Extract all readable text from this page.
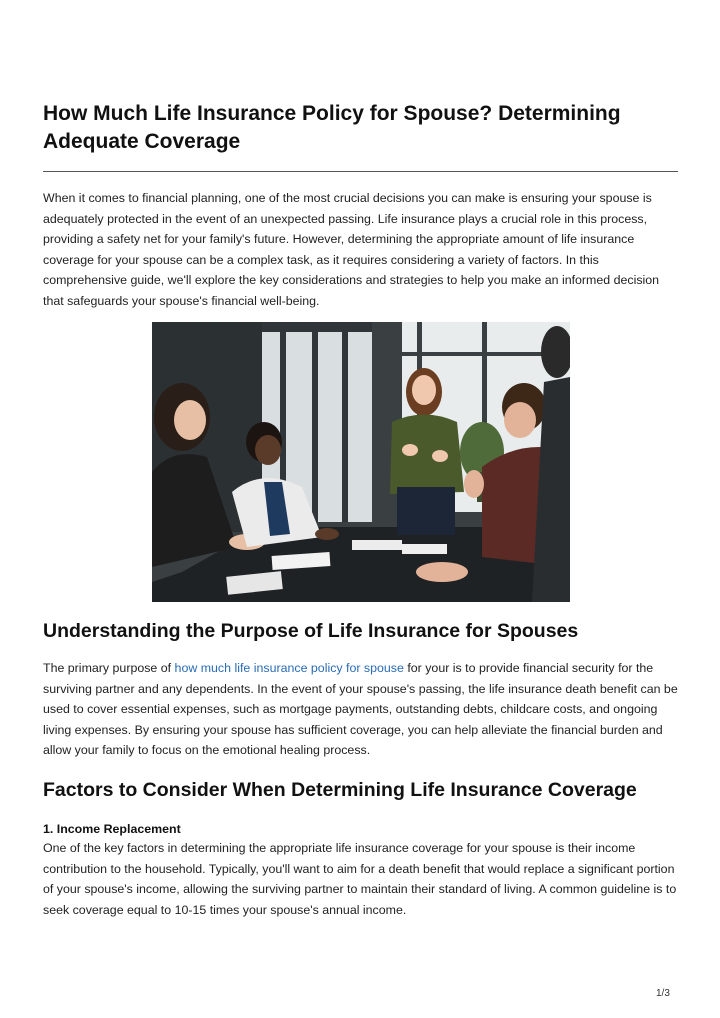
How Much Life Insurance Policy for Spouse? Determining Adequate Coverage

When it comes to financial planning, one of the most crucial decisions you can make is ensuring your spouse is adequately protected in the event of an unexpected passing. Life insurance plays a crucial role in this process, providing a safety net for your family's future. However, determining the appropriate amount of life insurance coverage for your spouse can be a complex task, as it requires considering a variety of factors. In this comprehensive guide, we'll explore the key considerations and strategies to help you make an informed decision that safeguards your spouse's financial well-being.

Understanding the Purpose of Life Insurance for Spouses

The primary purpose of how much life insurance policy for spouse for your is to provide financial security for the surviving partner and any dependents. In the event of your spouse's passing, the life insurance death benefit can be used to cover essential expenses, such as mortgage payments, outstanding debts, childcare costs, and ongoing living expenses. By ensuring your spouse has sufficient coverage, you can help alleviate the financial burden and allow your family to focus on the emotional healing process.

Factors to Consider When Determining Life Insurance Coverage
1. Income Replacement

One of the key factors in determining the appropriate life insurance coverage for your spouse is their income contribution to the household. Typically, you'll want to aim for a death benefit that would replace a significant portion of your spouse's income, allowing the surviving partner to maintain their standard of living. A common guideline is to seek coverage equal to 10-15 times your spouse's annual income.

1/3
